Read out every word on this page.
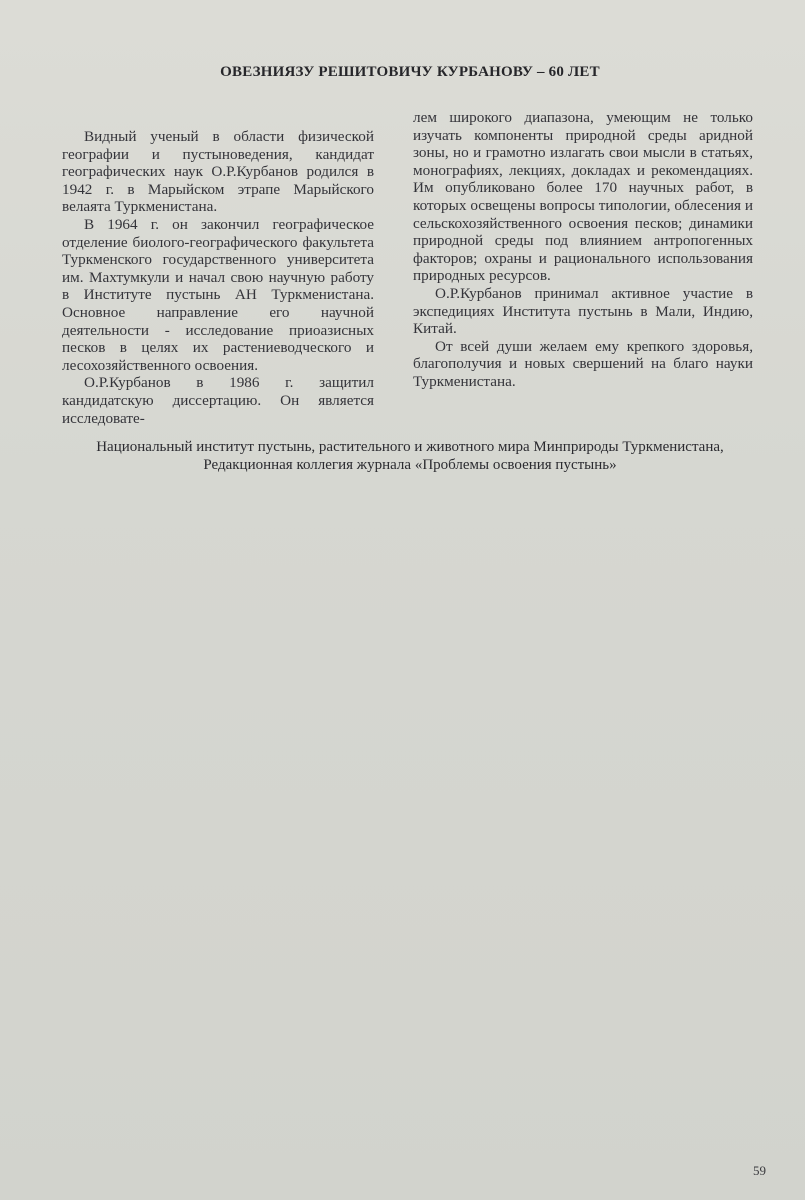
ОВЕЗНИЯЗУ РЕШИТОВИЧУ КУРБАНОВУ – 60 ЛЕТ

Видный ученый в области физической географии и пустыноведения, кандидат географических наук О.Р.Курбанов родился в 1942 г. в Марыйском этрапе Марыйского велаята Туркменистана.

В 1964 г. он закончил географическое отделение биолого-географического факультета Туркменского государственного университета им. Махтумкули и начал свою научную работу в Институте пустынь АН Туркменистана. Основное направление его научной деятельности - исследование приоазисных песков в целях их растениеводческого и лесохозяйственного освоения.

О.Р.Курбанов в 1986 г. защитил кандидатскую диссертацию. Он является исследовате-

лем широкого диапазона, умеющим не только изучать компоненты природной среды аридной зоны, но и грамотно излагать свои мысли в статьях, монографиях, лекциях, докладах и рекомендациях. Им опубликовано более 170 научных работ, в которых освещены вопросы типологии, облесения и сельскохозяйственного освоения песков; динамики природной среды под влиянием антропогенных факторов; охраны и рационального использования природных ресурсов.

О.Р.Курбанов принимал активное участие в экспедициях Института пустынь в Мали, Индию, Китай.

От всей души желаем ему крепкого здоровья, благополучия и новых свершений на благо науки Туркменистана.

Национальный институт пустынь, растительного и животного мира Минприроды Туркменистана,
Редакционная коллегия журнала «Проблемы освоения пустынь»
59
